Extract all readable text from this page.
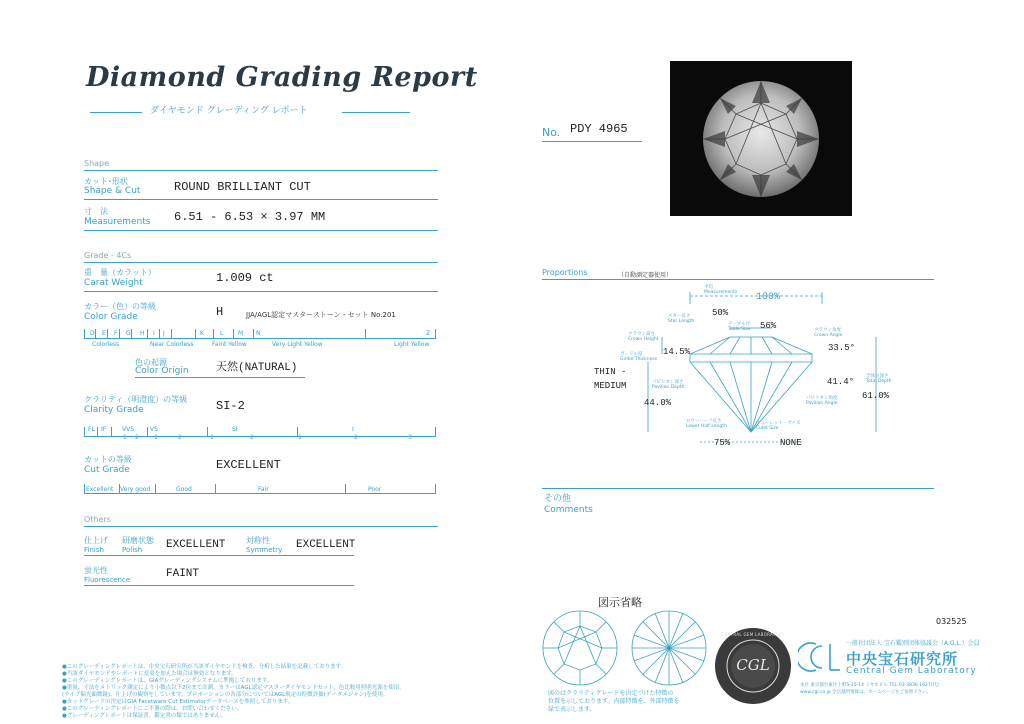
Diamond Grading Report
ダイヤモンド グレーディング レポート
Shape
カット･形状
Shape & Cut	ROUND BRILLIANT CUT
寸　法
Measurements 6.51 - 6.53 × 3.97 MM
Grade - 4Cs
重　量（カラット）
Carat Weight	1.009 ct
カラー（色）の等級
Color Grade	H	JJA/AGL認定マスターストーン・セット No.201
D E F G H I J	K	L M N	Z
Colorless	Near Colorless	Faint Yellow	Very Light Yellow	Light Yellow
色の起源
Color Origin 天然(NATURAL)
クラリティ（明澄度）の等級
Clarity Grade	SI-2
FL IF	VVS	VS	SI	I
1 2	1	2	1	2	1	2	3
カットの等級
Cut Grade	EXCELLENT
Excellent Very good	Good	Fair	Poor
Others
仕上げ
Finish
研磨状態
Polish EXCELLENT	対称性
Symmetry EXCELLENT
蛍光性
Fluorescence	FAINT
●このグレーディングレポートは、中央宝石研究所が当該ダイヤモンドを検査、分析した結果を記載しております。
●当該ダイヤモンドやレポートに変更を加えた場合は無効となります。
●このグレーディングレポートは、GIAグレーディングシステムに準拠しております。
●重量、寸法をメトリック測定により小数点以下2位まで計測。カラーはAGL認定マスターダイヤモンドセット、色比較用照明光源を使用。
(ライブ偏光顕微鏡)、仕上げの観察をしています。プロポーションの各部分についてはAGL規定の特徴評価(データメジャン)を使用。
●カットグレードの決定はGIA Facetware Cut Estimatorデータベースを参照しております。
●このグレーディングレポートにご不審の際は、お問い合わせください。
●グレーディングレポートは保証書、鑑定書の類ではありません。
No. PDY 4965
Proportions	（自動測定器使用）
平均
Measurements 100%
スター長さ
Star Length
50%
テーブル径
Table Size 56%
クラウン高さ
Crown Height
14.5%
クラウン角度
Crown Angle
33.5°
ガードル厚
Girdle Thickness
THIN -
MEDIUM	パビリオン深さ
Pavilion Depth
44.0%	パビリオン角度
Pavilion Angle
41.4°
全体の深さ
Total Depth
61.0%
ロワーハーフ長さ
Lower Half Length
75%
キューレット・サイズ
Culet Size
NONE
その他
Comments
図示省略
図のはクラリティグレードを決定づけた特徴の
位置を示しております。内部特徴を、外部特徴を
緑で表示します。
CGL
CENTRAL GEM LABORATORY
032525
一般社団法人 宝石鑑別団体協議会（A.G.L.）会員
中央宝石研究所
Central Gem Laboratory
本社 東京都台東区上野5-15-14 ミヤホビル TEL 03-3836-1627(代)
www.cgl.co.jp 全店舗所情報は、ホームページをご参照下さい。
